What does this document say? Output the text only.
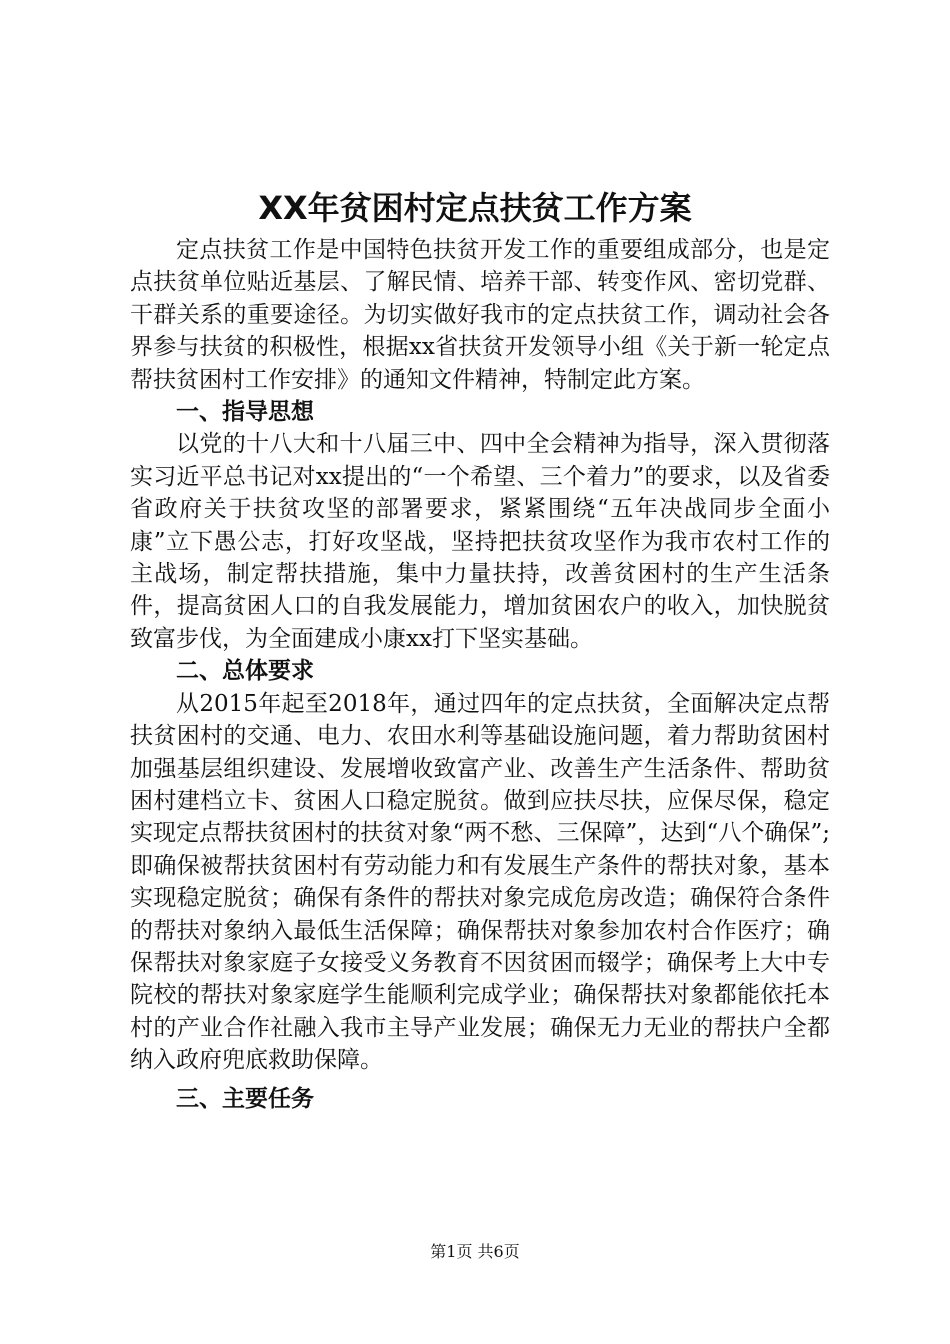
XX年贫困村定点扶贫工作方案

定点扶贫工作是中国特色扶贫开发工作的重要组成部分，也是定点扶贫单位贴近基层、了解民情、培养干部、转变作风、密切党群、干群关系的重要途径。为切实做好我市的定点扶贫工作，调动社会各界参与扶贫的积极性，根据xx省扶贫开发领导小组《关于新一轮定点帮扶贫困村工作安排》的通知文件精神，特制定此方案。

一、指导思想

以党的十八大和十八届三中、四中全会精神为指导，深入贯彻落实习近平总书记对xx提出的“一个希望、三个着力”的要求，以及省委省政府关于扶贫攻坚的部署要求，紧紧围绕“五年决战同步全面小康”立下愚公志，打好攻坚战，坚持把扶贫攻坚作为我市农村工作的主战场，制定帮扶措施，集中力量扶持，改善贫困村的生产生活条件，提高贫困人口的自我发展能力，增加贫困农户的收入，加快脱贫致富步伐，为全面建成小康xx打下坚实基础。

二、总体要求

从2015年起至2018年，通过四年的定点扶贫，全面解决定点帮扶贫困村的交通、电力、农田水利等基础设施问题，着力帮助贫困村加强基层组织建设、发展增收致富产业、改善生产生活条件、帮助贫困村建档立卡、贫困人口稳定脱贫。做到应扶尽扶，应保尽保，稳定实现定点帮扶贫困村的扶贫对象“两不愁、三保障”，达到“八个确保”;即确保被帮扶贫困村有劳动能力和有发展生产条件的帮扶对象，基本实现稳定脱贫；确保有条件的帮扶对象完成危房改造；确保符合条件的帮扶对象纳入最低生活保障；确保帮扶对象参加农村合作医疗；确保帮扶对象家庭子女接受义务教育不因贫困而辍学；确保考上大中专院校的帮扶对象家庭学生能顺利完成学业；确保帮扶对象都能依托本村的产业合作社融入我市主导产业发展；确保无力无业的帮扶户全都纳入政府兜底救助保障。

三、主要任务

第1页 共6页
